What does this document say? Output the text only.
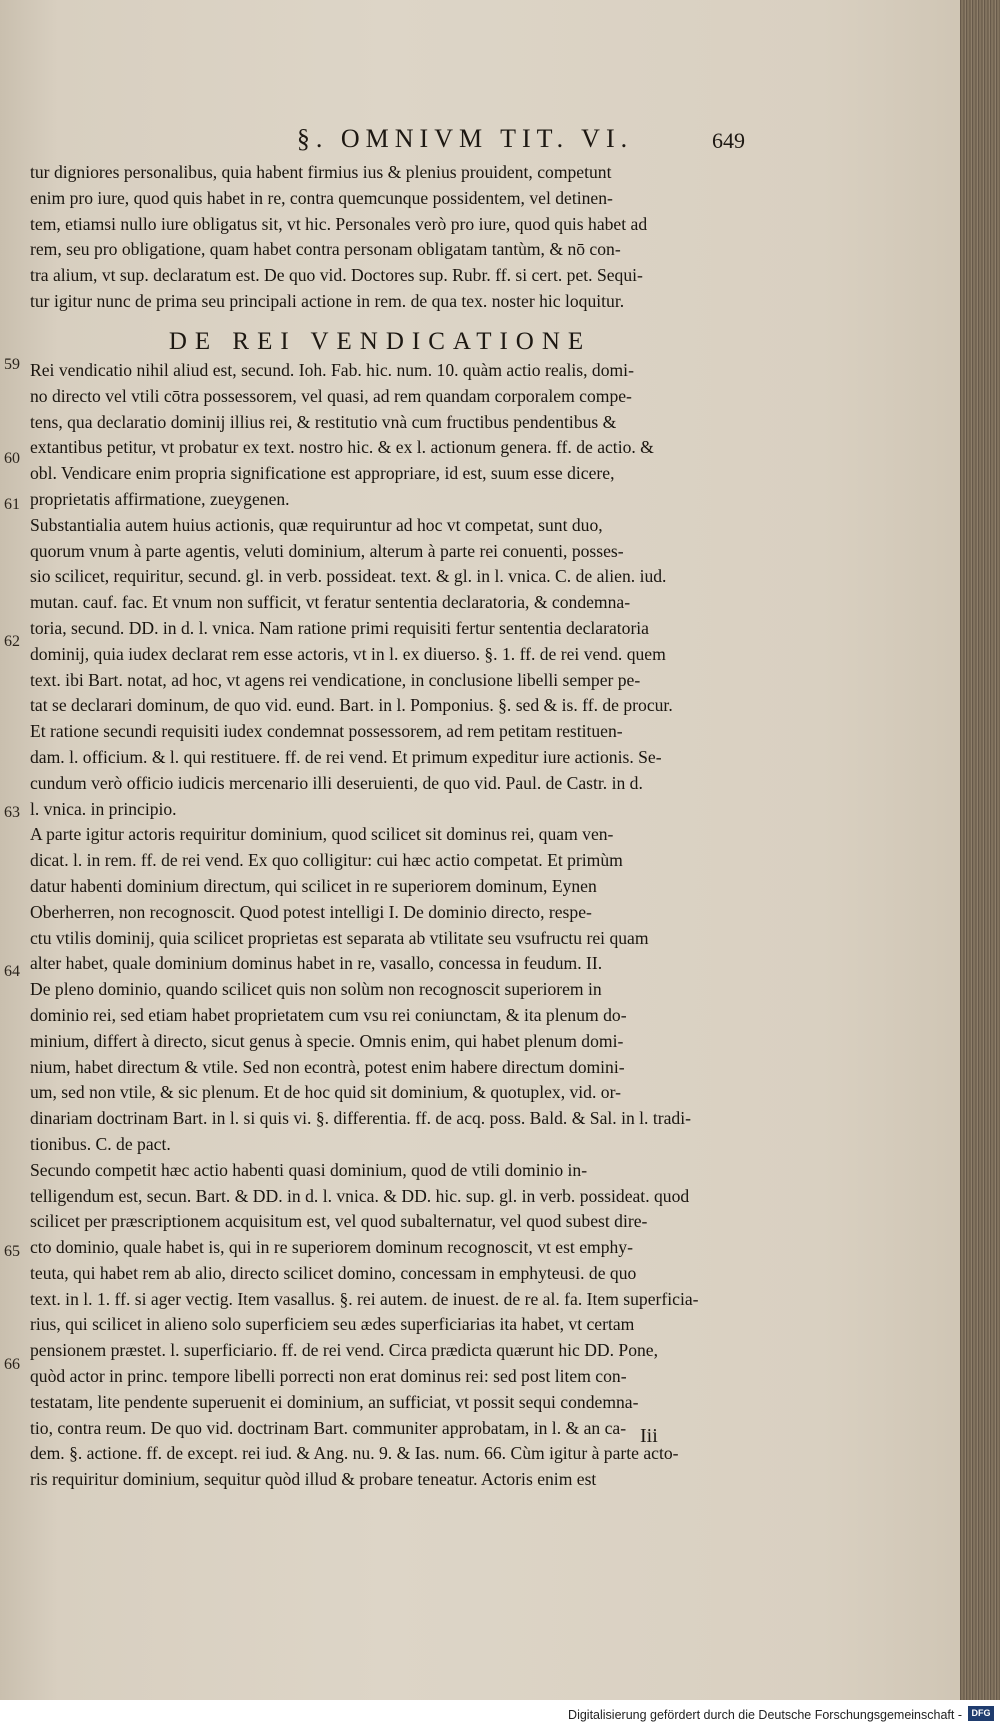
§. OMNIVM TIT. VI.	649
tur digniores personalibus, quia habent firmius ius & plenius prouident, competunt
enim pro iure, quod quis habet in re, contra quemcunque possidentem, vel detinen-
tem, etiamsi nullo iure obligatus sit, vt hic. Personales verò pro iure, quod quis habet ad
rem, seu pro obligatione, quam habet contra personam obligatam tantùm, & nō con-
tra alium, vt sup. declaratum est. De quo vid. Doctores sup. Rubr. ff. si cert. pet. Sequi-
tur igitur nunc de prima seu principali actione in rem. de qua tex. noster hic loquitur.
DE REI VENDICATIONE
59
60
61
62
63
64
65
66
Rei vendicatio nihil aliud est, secund. Ioh. Fab. hic. num. 10. quàm actio realis, domi-
no directo vel vtili cōtra possessorem, vel quasi, ad rem quandam corporalem compe-
tens, qua declaratio dominij illius rei, & restitutio vnà cum fructibus pendentibus &
extantibus petitur, vt probatur ex text. nostro hic. & ex l. actionum genera. ff. de actio. &
obl. Vendicare enim propria significatione est appropriare, id est, suum esse dicere,
proprietatis affirmatione, zueygenen.
Substantialia autem huius actionis, quæ requiruntur ad hoc vt competat, sunt duo,
quorum vnum à parte agentis, veluti dominium, alterum à parte rei conuenti, posses-
sio scilicet, requiritur, secund. gl. in verb. possideat. text. & gl. in l. vnica. C. de alien. iud.
mutan. cauf. fac. Et vnum non sufficit, vt feratur sententia declaratoria, & condemna-
toria, secund. DD. in d. l. vnica. Nam ratione primi requisiti fertur sententia declaratoria
dominij, quia iudex declarat rem esse actoris, vt in l. ex diuerso. §. 1. ff. de rei vend. quem
text. ibi Bart. notat, ad hoc, vt agens rei vendicatione, in conclusione libelli semper pe-
tat se declarari dominum, de quo vid. eund. Bart. in l. Pomponius. §. sed & is. ff. de procur.
Et ratione secundi requisiti iudex condemnat possessorem, ad rem petitam restituen-
dam. l. officium. & l. qui restituere. ff. de rei vend. Et primum expeditur iure actionis. Se-
cundum verò officio iudicis mercenario illi deseruienti, de quo vid. Paul. de Castr. in d.
l. vnica. in principio.
A parte igitur actoris requiritur dominium, quod scilicet sit dominus rei, quam ven-
dicat. l. in rem. ff. de rei vend. Ex quo colligitur: cui hæc actio competat. Et primùm
datur habenti dominium directum, qui scilicet in re superiorem dominum, Eynen
Oberherren, non recognoscit. Quod potest intelligi I. De dominio directo, respe-
ctu vtilis dominij, quia scilicet proprietas est separata ab vtilitate seu vsufructu rei quam
alter habet, quale dominium dominus habet in re, vasallo, concessa in feudum. II.
De pleno dominio, quando scilicet quis non solùm non recognoscit superiorem in
dominio rei, sed etiam habet proprietatem cum vsu rei coniunctam, & ita plenum do-
minium, differt à directo, sicut genus à specie. Omnis enim, qui habet plenum domi-
nium, habet directum & vtile. Sed non econtrà, potest enim habere directum domini-
um, sed non vtile, & sic plenum. Et de hoc quid sit dominium, & quotuplex, vid. or-
dinariam doctrinam Bart. in l. si quis vi. §. differentia. ff. de acq. poss. Bald. & Sal. in l. tradi-
tionibus. C. de pact.
Secundo competit hæc actio habenti quasi dominium, quod de vtili dominio in-
telligendum est, secun. Bart. & DD. in d. l. vnica. & DD. hic. sup. gl. in verb. possideat. quod
scilicet per præscriptionem acquisitum est, vel quod subalternatur, vel quod subest dire-
cto dominio, quale habet is, qui in re superiorem dominum recognoscit, vt est emphy-
teuta, qui habet rem ab alio, directo scilicet domino, concessam in emphyteusi. de quo
text. in l. 1. ff. si ager vectig. Item vasallus. §. rei autem. de inuest. de re al. fa. Item superficia-
rius, qui scilicet in alieno solo superficiem seu ædes superficiarias ita habet, vt certam
pensionem præstet. l. superficiario. ff. de rei vend. Circa prædicta quærunt hic DD. Pone,
quòd actor in princ. tempore libelli porrecti non erat dominus rei: sed post litem con-
testatam, lite pendente superuenit ei dominium, an sufficiat, vt possit sequi condemna-
tio, contra reum. De quo vid. doctrinam Bart. communiter approbatam, in l. & an ca-
dem. §. actione. ff. de except. rei iud. & Ang. nu. 9. & Ias. num. 66. Cùm igitur à parte acto-
ris requiritur dominium, sequitur quòd illud & probare teneatur. Actoris enim est
Iii
Digitalisierung gefördert durch die Deutsche Forschungsgemeinschaft -	DFG
